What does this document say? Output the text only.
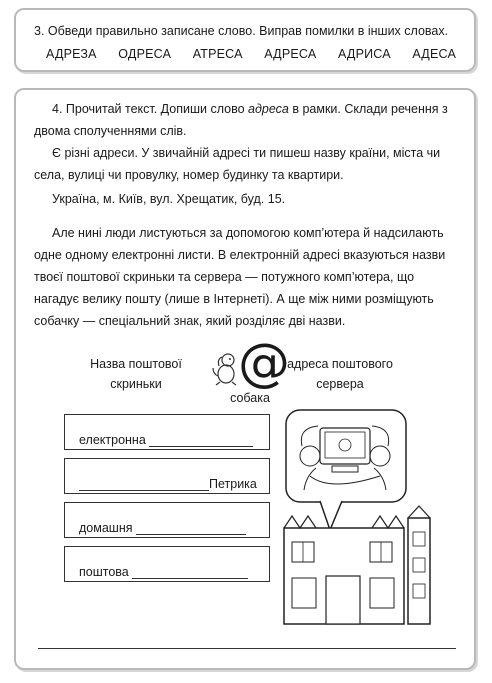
3. Обведи правильно записане слово. Виправ помилки в інших словах.
АДРЕЗА ОДРЕСА АТРЕСА АДРЕСА АДРИСА АДЕСА
4. Прочитай текст. Допиши слово адреса в рамки. Склади речення з двома сполученнями слів.
Є різні адреси. У звичайній адресі ти пишеш назву країни, міста чи села, вулиці чи провулку, номер будинку та квартири.
Україна, м. Київ, вул. Хрещатик, буд. 15.
Але нині люди листуються за допомогою комп’ютера й надсилають одне одному електронні листи. В електронній адресі вказуються назви твоєї поштової скриньки та сервера — потужного комп’ютера, що нагадує велику пошту (лише в Інтернеті). А ще між ними розміщують собачку — спеціальний знак, який розділяє дві назви.
Назва поштової скриньки
адреса поштового сервера
@
собака
електронна
Петрика
домашня
поштова
